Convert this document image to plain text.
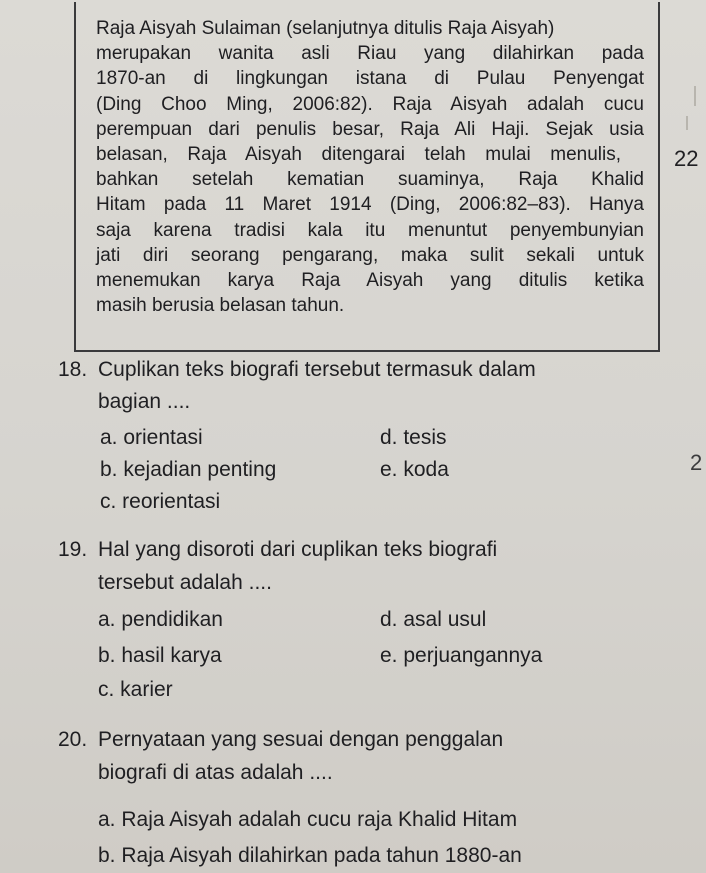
Raja Aisyah Sulaiman (selanjutnya ditulis Raja Aisyah)

merupakan wanita asli Riau yang dilahirkan pada

1870-an di lingkungan istana di Pulau Penyengat

(Ding Choo Ming, 2006:82). Raja Aisyah adalah cucu

perempuan dari penulis besar, Raja Ali Haji. Sejak usia

belasan, Raja Aisyah ditengarai telah mulai menulis,

bahkan setelah kematian suaminya, Raja Khalid

Hitam pada 11 Maret 1914 (Ding, 2006:82–83). Hanya

saja karena tradisi kala itu menuntut penyembunyian

jati diri seorang pengarang, maka sulit sekali untuk

menemukan karya Raja Aisyah yang ditulis ketika

masih berusia belasan tahun.

22
2
18. Cuplikan teks biografi tersebut termasuk dalam
bagian ....
a. orientasi
b. kejadian penting
c. reorientasi
d. tesis
e. koda
19. Hal yang disoroti dari cuplikan teks biografi
tersebut adalah ....
a. pendidikan
b. hasil karya
c. karier
d. asal usul
e. perjuangannya
20. Pernyataan yang sesuai dengan penggalan
biografi di atas adalah ....
a. Raja Aisyah adalah cucu raja Khalid Hitam
b. Raja Aisyah dilahirkan pada tahun 1880-an
